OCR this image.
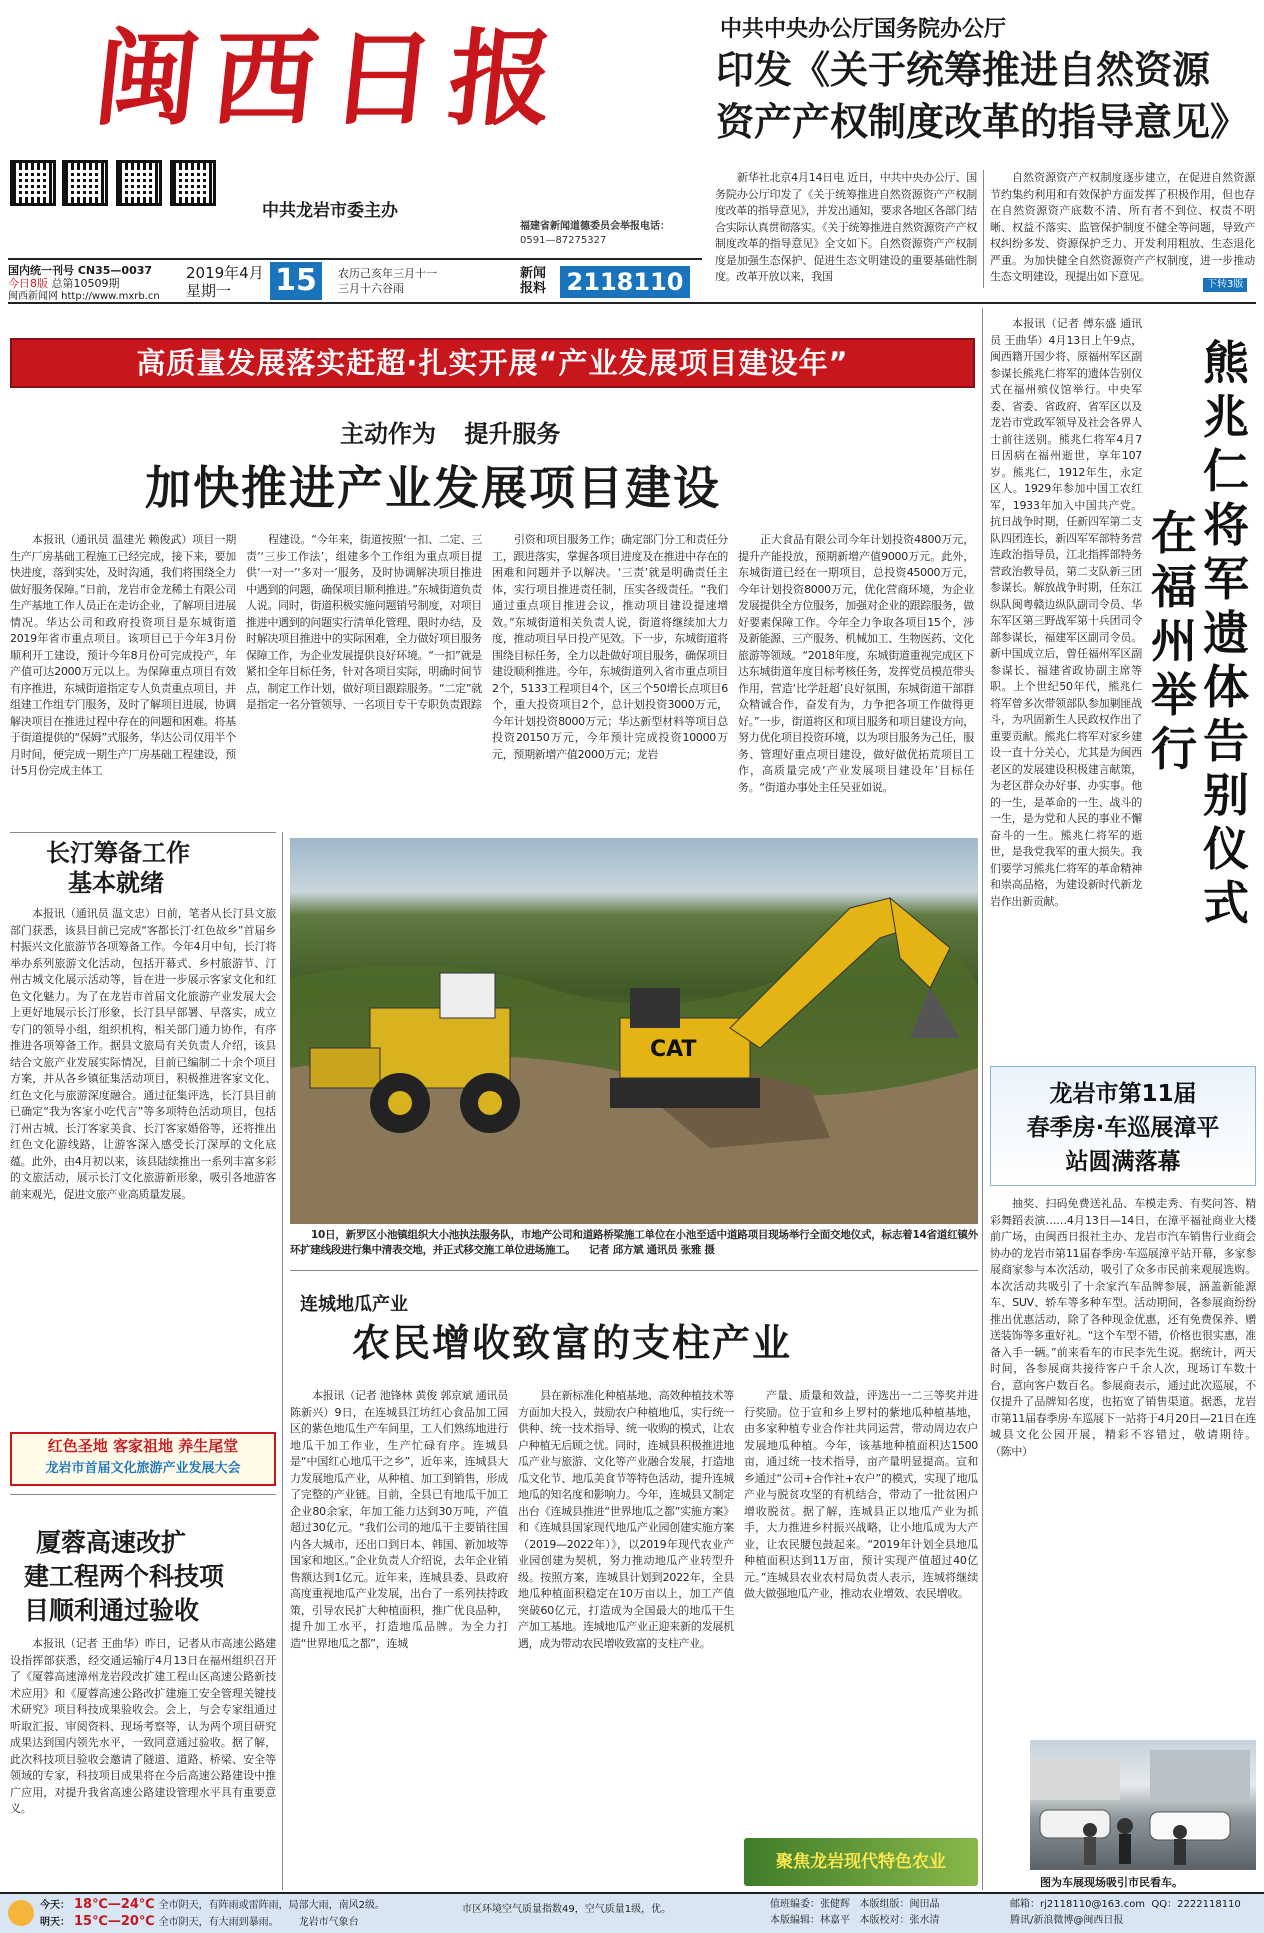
闽西日报
中共龙岩市委主办
福建省新闻道德委员会举报电话：
0591—87275327
国内统一刊号 CN35—0037
今日8版 总第10509期
闽西新闻网 http://www.mxrb.cn
2019年4月
星期一	15	农历己亥年三月十一
三月十六谷雨
新闻报料 2118110
中共中央办公厅国务院办公厅
印发《关于统筹推进自然资源
资产产权制度改革的指导意见》
新华社北京4月14日电 近日，中共中央办公厅、国务院办公厅印发了《关于统筹推进自然资源资产产权制度改革的指导意见》，并发出通知，要求各地区各部门结合实际认真贯彻落实。《关于统筹推进自然资源资产产权制度改革的指导意见》全文如下。自然资源资产产权制度是加强生态保护、促进生态文明建设的重要基础性制度。改革开放以来，我国
自然资源资产产权制度逐步建立，在促进自然资源节约集约利用和有效保护方面发挥了积极作用，但也存在自然资源资产底数不清、所有者不到位、权责不明晰、权益不落实、监管保护制度不健全等问题，导致产权纠纷多发、资源保护乏力、开发利用粗放、生态退化严重。为加快健全自然资源资产产权制度，进一步推动生态文明建设，现提出如下意见。
下转3版
高质量发展落实赶超·扎实开展“产业发展项目建设年”
主动作为 提升服务
加快推进产业发展项目建设
本报讯（通讯员 温建光 赖俊武）项目一期生产厂房基础工程施工已经完成，接下来，要加快进度，落到实处，及时沟通，我们将围绕全力做好服务保障。”日前，龙岩市金龙稀土有限公司生产基地工作人员正在走访企业，了解项目进展情况。华达公司和政府投资项目是东城街道2019年省市重点项目。该项目已于今年3月份顺利开工建设，预计今年8月份可完成投产，年产值可达2000万元以上。为保障重点项目有效有序推进，东城街道指定专人负责重点项目，并组建工作组专门服务，及时了解项目进展，协调解决项目在推进过程中存在的问题和困难。将基于街道提供的“保姆”式服务，华达公司仅用半个月时间，便完成一期生产厂房基础工程建设，预计5月份完成主体工
程建设。“今年来，街道按照‘一扣、二定、三责’‘三步工作法’，组建多个工作组为重点项目提供‘一对一’‘多对一’服务，及时协调解决项目推进中遇到的问题，确保项目顺利推进。”东城街道负责人说。同时，街道积极实施问题销号制度，对项目推进中遇到的问题实行清单化管理、限时办结，及时解决项目推进中的实际困难，全力做好项目服务保障工作，为企业发展提供良好环境。“一扣”就是紧扣全年目标任务，针对各项目实际，明确时间节点，制定工作计划，做好项目跟踪服务。“二定”就是指定一名分管领导、一名项目专干专职负责跟踪
引资和项目服务工作；确定部门分工和责任分工，跟进落实，掌握各项目进度及在推进中存在的困难和问题并予以解决。‘三责’就是明确责任主体，实行项目推进责任制，压实各级责任。“我们通过重点项目推进会议，推动项目建设提速增效。”东城街道相关负责人说，街道将继续加大力度，推动项目早日投产见效。下一步，东城街道将围绕目标任务，全力以赴做好项目服务，确保项目建设顺利推进。今年，东城街道列入省市重点项目2个，5133工程项目4个，区三个50增长点项目6个，重大投资项目2个，总计划投资3000万元，今年计划投资8000万元；华达新型材料等项目总投资20150万元，今年预计完成投资10000万元，预期新增产值2000万元；龙岩
正大食品有限公司今年计划投资4800万元，提升产能投放，预期新增产值9000万元。此外，东城街道已经在一期项目，总投资45000万元，今年计划投资8000万元，优化营商环境，为企业发展提供全方位服务，加强对企业的跟踪服务，做好要素保障工作。今年全力争取各项目15个，涉及新能源、三产服务、机械加工、生物医药、文化旅游等领域。“2018年度，东城街道重视完成区下达东城街道年度目标考核任务，发挥党员模范带头作用，营造‘比学赶超’良好氛围，东城街道干部群众精诚合作，奋发有为，力争把各项工作做得更好。”一步，街道将区和项目服务和项目建设方向，努力优化项目投资环境，以为项目服务为己任，服务、管理好重点项目建设，做好做优拓荒项目工作，高质量完成‘产业发展项目建设年’目标任务。“街道办事处主任吴亚如说。
长汀筹备工作
基本就绪
本报讯（通讯员 温文忠）日前，笔者从长汀县文旅部门获悉，该县目前已完成“客都长汀·红色故乡”首届乡村振兴文化旅游节各项筹备工作。今年4月中旬，长汀将举办系列旅游文化活动，包括开幕式、乡村旅游节、汀州古城文化展示活动等，旨在进一步展示客家文化和红色文化魅力。为了在龙岩市首届文化旅游产业发展大会上更好地展示长汀形象，长汀县早部署、早落实，成立专门的领导小组，组织机构，相关部门通力协作，有序推进各项筹备工作。据县文旅局有关负责人介绍，该县结合文旅产业发展实际情况，目前已编制二十余个项目方案，并从各乡镇征集活动项目，积极推进客家文化、红色文化与旅游深度融合。通过征集评选，长汀县目前已确定“我为客家小吃代言”等多项特色活动项目，包括汀州古城、长汀客家美食、长汀客家婚俗等，还将推出红色文化游线路，让游客深入感受长汀深厚的文化底蕴。此外，由4月初以来，该县陆续推出一系列丰富多彩的文旅活动，展示长汀文化旅游新形象，吸引各地游客前来观光，促进文旅产业高质量发展。
红色圣地 客家祖地 养生尾堂
龙岩市首届文化旅游产业发展大会
厦蓉高速改扩
建工程两个科技项
目顺利通过验收
本报讯（记者 王曲华）昨日，记者从市高速公路建设指挥部获悉，经交通运输厅4月13日在福州组织召开了《厦蓉高速漳州龙岩段改扩建工程山区高速公路新技术应用》和《厦蓉高速公路改扩建施工安全管理关键技术研究》项目科技成果验收会。会上，与会专家组通过听取汇报、审阅资料、现场考察等，认为两个项目研究成果达到国内领先水平，一致同意通过验收。据了解，此次科技项目验收会邀请了隧道、道路、桥梁、安全等领域的专家，科技项目成果将在今后高速公路建设中推广应用，对提升我省高速公路建设管理水平具有重要意义。
CAT
10日，新罗区小池镇组织大小池执法服务队，市地产公司和道路桥梁施工单位在小池至适中道路项目现场举行全面交地仪式，标志着14省道红镇外环扩建线段进行集中清表交地，并正式移交施工单位进场施工。 记者 邱方斌 通讯员 张雅 摄
连城地瓜产业
农民增收致富的支柱产业
本报讯（记者 池锋林 黄俊 郭京斌 通讯员 陈新兴）9日，在连城县江坊红心食品加工园区的紫色地瓜生产车间里，工人们熟练地进行地瓜干加工作业，生产忙碌有序。连城县是“中国红心地瓜干之乡”，近年来，连城县大力发展地瓜产业，从种植、加工到销售，形成了完整的产业链。目前，全县已有地瓜干加工企业80余家，年加工能力达到30万吨，产值超过30亿元。“我们公司的地瓜干主要销往国内各大城市，还出口到日本、韩国、新加坡等国家和地区。”企业负责人介绍说，去年企业销售额达到1亿元。近年来，连城县委、县政府高度重视地瓜产业发展，出台了一系列扶持政策，引导农民扩大种植面积，推广优良品种，提升加工水平，打造地瓜品牌。为全力打造“世界地瓜之都”，连城
县在新标准化种植基地、高效种植技术等方面加大投入，鼓励农户种植地瓜，实行统一供种、统一技术指导、统一收购的模式，让农户种植无后顾之忧。同时，连城县积极推进地瓜产业与旅游、文化等产业融合发展，打造地瓜文化节、地瓜美食节等特色活动，提升连城地瓜的知名度和影响力。今年，连城县又制定出台《连城县推进“世界地瓜之都”实施方案》和《连城县国家现代地瓜产业园创建实施方案（2019—2022年）》，以2019年现代农业产业园创建为契机，努力推动地瓜产业转型升级。按照方案，连城县计划到2022年，全县地瓜种植面积稳定在10万亩以上，加工产值突破60亿元，打造成为全国最大的地瓜干生产加工基地。连城地瓜产业正迎来新的发展机遇，成为带动农民增收致富的支柱产业。
产量、质量和效益，评选出一二三等奖并进行奖励。位于宣和乡上罗村的紫地瓜种植基地，由多家种植专业合作社共同运营，带动周边农户发展地瓜种植。今年，该基地种植面积达1500亩，通过统一技术指导，亩产量明显提高。宣和乡通过“公司+合作社+农户”的模式，实现了地瓜产业与脱贫攻坚的有机结合，带动了一批贫困户增收脱贫。据了解，连城县正以地瓜产业为抓手，大力推进乡村振兴战略，让小地瓜成为大产业，让农民腰包鼓起来。“2019年计划全县地瓜种植面积达到11万亩，预计实现产值超过40亿元。”连城县农业农村局负责人表示，连城将继续做大做强地瓜产业，推动农业增效、农民增收。
聚焦龙岩现代特色农业
本报讯（记者 傅东盛 通讯员 王曲华）4月13日上午9点，闽西籍开国少将、原福州军区副参谋长熊兆仁将军的遗体告别仪式在福州殡仪馆举行。中央军委、省委、省政府、省军区以及龙岩市党政军领导及社会各界人士前往送别。熊兆仁将军4月7日因病在福州逝世，享年107岁。熊兆仁，1912年生，永定区人。1929年参加中国工农红军，1933年加入中国共产党。抗日战争时期，任新四军第二支队四团连长，新四军军部特务营连政治指导员，江北指挥部特务营政治教导员，第二支队新三团参谋长。解放战争时期，任东江纵队闽粤赣边纵队副司令员、华东军区第三野战军第十兵团司令部参谋长，福建军区副司令员。新中国成立后，曾任福州军区副参谋长、福建省政协副主席等职。上个世纪50年代，熊兆仁将军曾多次带领部队参加剿匪战斗，为巩固新生人民政权作出了重要贡献。熊兆仁将军对家乡建设一直十分关心，尤其是为闽西老区的发展建设积极建言献策，为老区群众办好事、办实事。他的一生，是革命的一生、战斗的一生，是为党和人民的事业不懈奋斗的一生。熊兆仁将军的逝世，是我党我军的重大损失。我们要学习熊兆仁将军的革命精神和崇高品格，为建设新时代新龙岩作出新贡献。
熊
兆
仁
将
军
遗
体
告
别
仪
式
在
福
州
举
行
龙岩市第11届
春季房·车巡展漳平
站圆满落幕
抽奖、扫码免费送礼品、车模走秀、有奖问答、精彩舞蹈表演……4月13日—14日，在漳平福祉商业大楼前广场，由闽西日报社主办、龙岩市汽车销售行业商会协办的龙岩市第11届春季房·车巡展漳平站开幕，多家参展商家参与本次活动，吸引了众多市民前来观展选购。本次活动共吸引了十余家汽车品牌参展，涵盖新能源车、SUV、轿车等多种车型。活动期间，各参展商纷纷推出优惠活动，除了各种现金优惠，还有免费保养、赠送装饰等多重好礼。“这个车型不错，价格也很实惠，准备入手一辆。”前来看车的市民李先生说。据统计，两天时间，各参展商共接待客户千余人次，现场订车数十台，意向客户数百名。参展商表示，通过此次巡展，不仅提升了品牌知名度，也拓宽了销售渠道。据悉，龙岩市第11届春季房·车巡展下一站将于4月20日—21日在连城县文化公园开展，精彩不容错过，敬请期待。 （陈中）
图为车展现场吸引市民看车。
今天： 18℃—24℃ 全市阴天，有阵雨或雷阵雨，局部大雨，南风2级。
明天： 15℃—20℃ 全市阴天，有大雨到暴雨。 龙岩市气象台
市区环境空气质量指数49，空气质量1级，优。	值班编委：张健辉 本版组版：闽田晶
本版编辑：林嘉平 本版校对：张水清
邮箱：rj2118110@163.com QQ：2222118110
腾讯/新浪微博@闽西日报
